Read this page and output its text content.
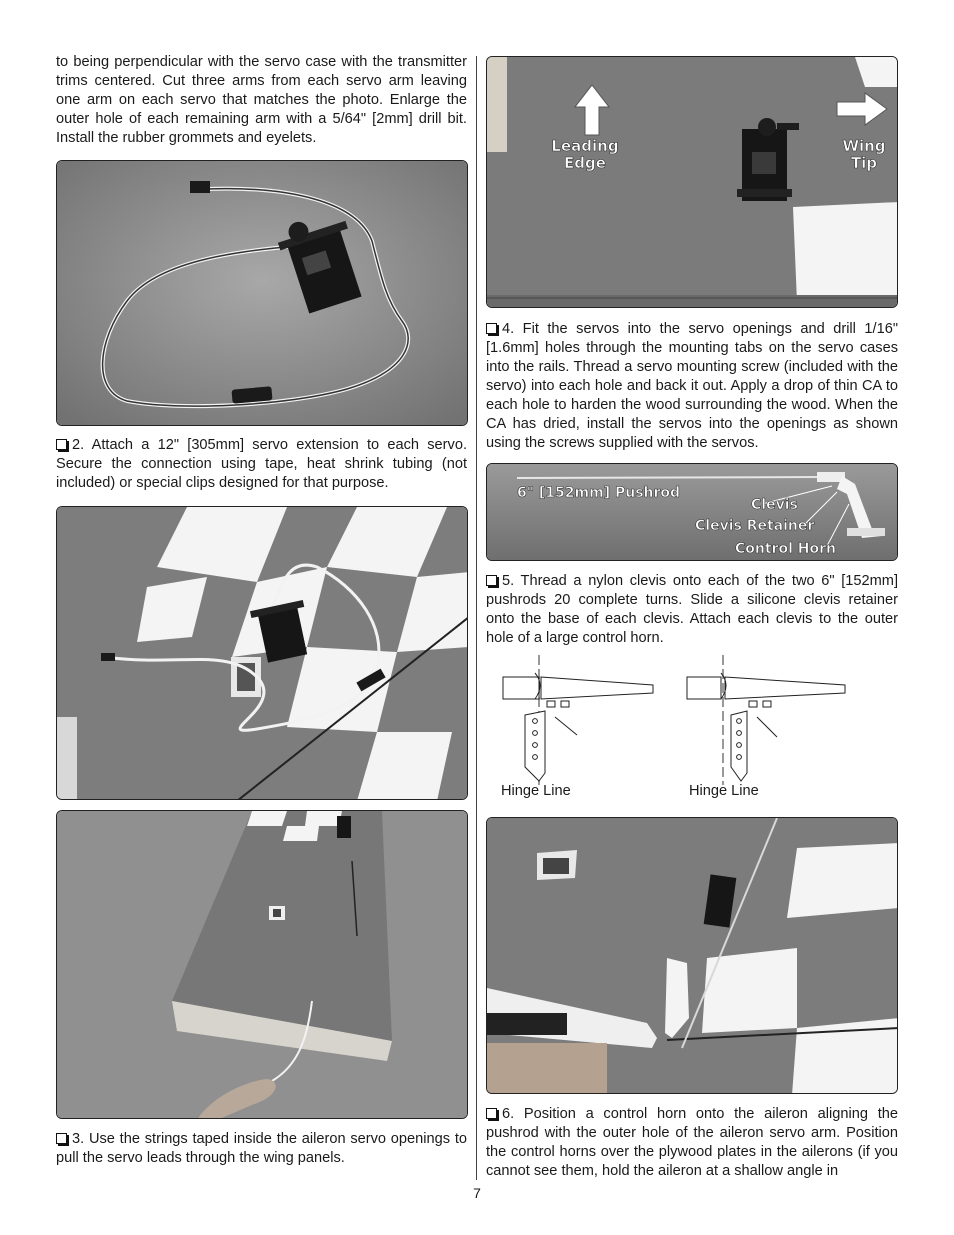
to being perpendicular with the servo case with the transmitter trims centered. Cut three arms from each servo arm leaving one arm on each servo that matches the photo. Enlarge the outer hole of each remaining arm with a 5/64" [2mm] drill bit. Install the rubber grommets and eyelets.
2. Attach a 12" [305mm] servo extension to each servo. Secure the connection using tape, heat shrink tubing (not included) or special clips designed for that purpose.
3. Use the strings taped inside the aileron servo openings to pull the servo leads through the wing panels.
Leading
Edge
Wing
Tip
4. Fit the servos into the servo openings and drill 1/16" [1.6mm] holes through the mounting tabs on the servo cases into the rails. Thread a servo mounting screw (included with the servo) into each hole and back it out. Apply a drop of thin CA to each hole to harden the wood surrounding the wood. When the CA has dried, install the servos into the openings as shown using the screws supplied with the servos.
6" [152mm] Pushrod
Clevis
Clevis Retainer
Control Horn
5. Thread a nylon clevis onto each of the two 6" [152mm] pushrods 20 complete turns. Slide a silicone clevis retainer onto the base of each clevis. Attach each clevis to the outer hole of a large control horn.
Hinge Line	Hinge Line
6. Position a control horn onto the aileron aligning the pushrod with the outer hole of the aileron servo arm. Position the control horns over the plywood plates in the ailerons (if you cannot see them, hold the aileron at a shallow angle in
7
